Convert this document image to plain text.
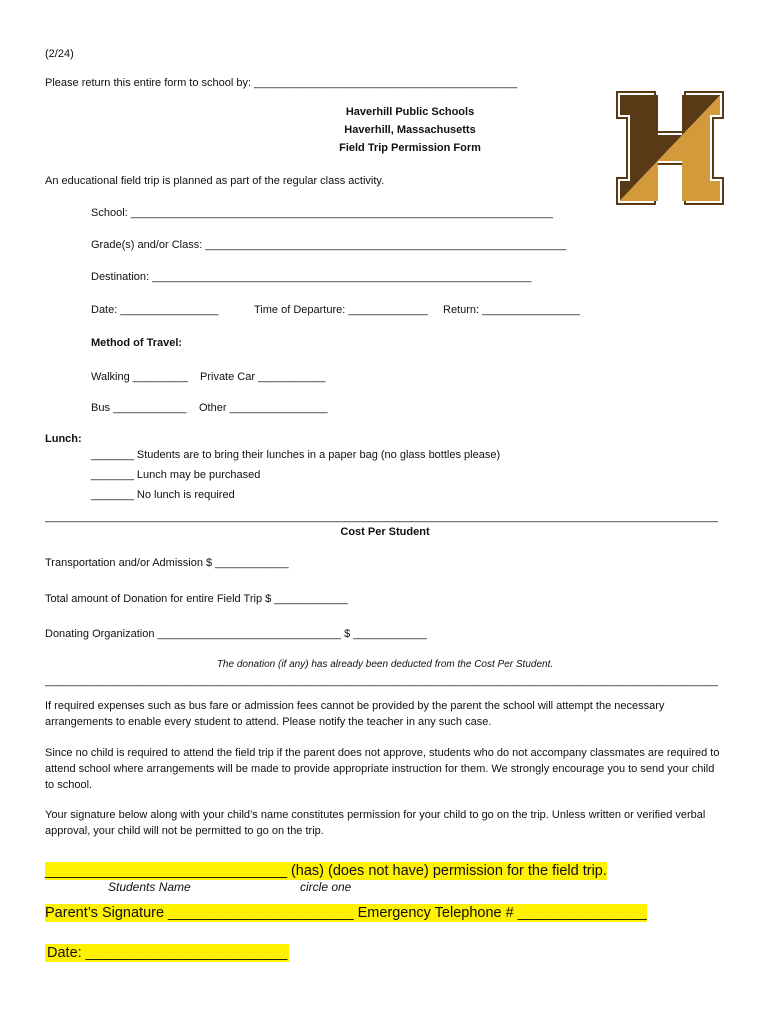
(2/24)
Please return this entire form to school by: ___________________________________________
Haverhill Public Schools
Haverhill, Massachusetts
Field Trip Permission Form
An educational field trip is planned as part of the regular class activity.
School: _____________________________________________________________________
Grade(s) and/or Class: ___________________________________________________________
Destination: ______________________________________________________________
Date: ________________	Time of Departure: _____________ Return: ________________
Method of Travel:
Walking _________ Private Car ___________
Bus ____________ Other ________________
Lunch:
_______ Students are to bring their lunches in a paper bag (no glass bottles please)
_______ Lunch may be purchased
_______ No lunch is required
______________________________________________________________________________________________________________
Cost Per Student
Transportation and/or Admission $ ____________
Total amount of Donation for entire Field Trip $ ____________
Donating Organization ______________________________ $ ____________
The donation (if any) has already been deducted from the Cost Per Student.
______________________________________________________________________________________________________________
If required expenses such as bus fare or admission fees cannot be provided by the parent the school will attempt the necessary arrangements to enable every student to attend. Please notify the teacher in any such case.
Since no child is required to attend the field trip if the parent does not approve, students who do not accompany classmates are required to attend school where arrangements will be made to provide appropriate instruction for them. We strongly encourage you to send your child to school.
Your signature below along with your child’s name constitutes permission for your child to go on the trip. Unless written or verified verbal approval, your child will not be permitted to go on the trip.
______________________________ (has) (does not have) permission for the field trip.
Students Name	circle one
Parent’s Signature _______________________ Emergency Telephone # ________________
Date: _________________________
